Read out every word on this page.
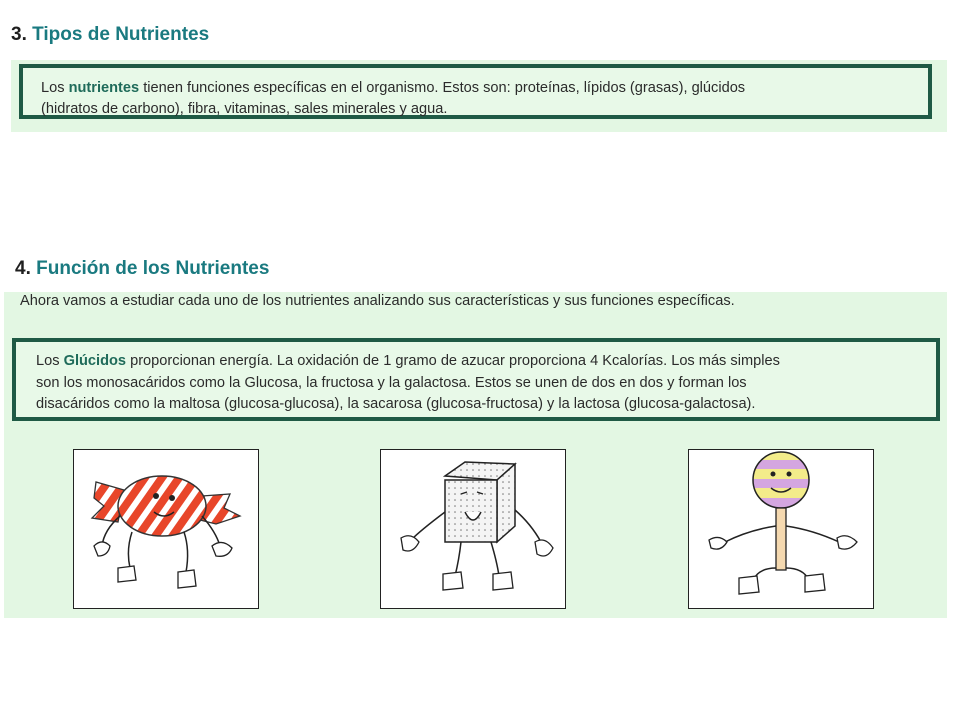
3. Tipos de Nutrientes
Los nutrientes tienen funciones específicas en el organismo. Estos son: proteínas, lípidos (grasas), glúcidos
(hidratos de carbono), fibra, vitaminas, sales minerales y agua.
4. Función de los Nutrientes
Ahora vamos a estudiar cada uno de los nutrientes analizando sus características y sus funciones específicas.
Los Glúcidos proporcionan energía. La oxidación de 1 gramo de azucar proporciona 4 Kcalorías. Los más simples
son los monosacáridos como la Glucosa, la fructosa y la galactosa. Estos se unen de dos en dos y forman los
disacáridos como la maltosa (glucosa-glucosa), la sacarosa (glucosa-fructosa) y la lactosa (glucosa-galactosa).
